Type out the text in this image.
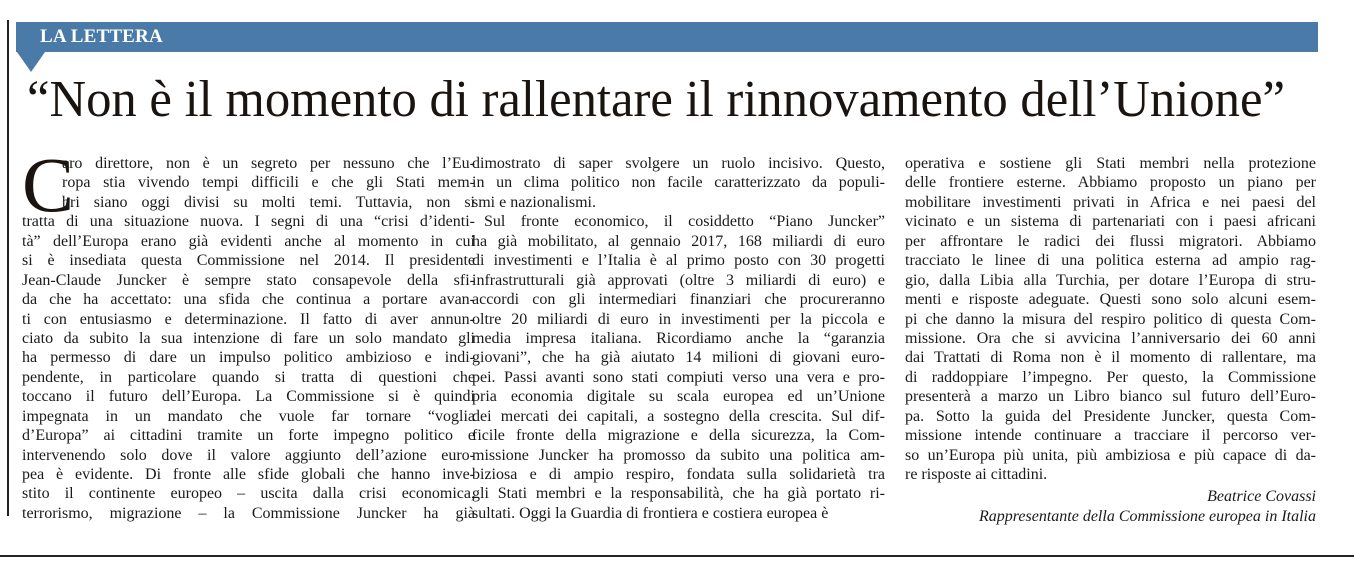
LA LETTERA
“Non è il momento di rallentare il rinnovamento dell’Unione”
C
aro direttore, non è un segreto per nessuno che l’Eu-
ropa stia vivendo tempi difficili e che gli Stati mem-
bri siano oggi divisi su molti temi. Tuttavia, non si
tratta di una situazione nuova. I segni di una “crisi d’identi-
tà” dell’Europa erano già evidenti anche al momento in cui
si è insediata questa Commissione nel 2014. Il presidente
Jean-Claude Juncker è sempre stato consapevole della sfi-
da che ha accettato: una sfida che continua a portare avan-
ti con entusiasmo e determinazione. Il fatto di aver annun-
ciato da subito la sua intenzione di fare un solo mandato gli
ha permesso di dare un impulso politico ambizioso e indi-
pendente, in particolare quando si tratta di questioni che
toccano il futuro dell’Europa. La Commissione si è quindi
impegnata in un mandato che vuole far tornare “voglia
d’Europa” ai cittadini tramite un forte impegno politico e
intervenendo solo dove il valore aggiunto dell’azione euro-
pea è evidente. Di fronte alle sfide globali che hanno inve-
stito il continente europeo – uscita dalla crisi economica,
terrorismo, migrazione – la Commissione Juncker ha già
dimostrato di saper svolgere un ruolo incisivo. Questo,
in un clima politico non facile caratterizzato da populi-
smi e nazionalismi.
Sul fronte economico, il cosiddetto “Piano Juncker”
ha già mobilitato, al gennaio 2017, 168 miliardi di euro
di investimenti e l’Italia è al primo posto con 30 progetti
infrastrutturali già approvati (oltre 3 miliardi di euro) e
accordi con gli intermediari finanziari che procureranno
oltre 20 miliardi di euro in investimenti per la piccola e
media impresa italiana. Ricordiamo anche la “garanzia
giovani”, che ha già aiutato 14 milioni di giovani euro-
pei. Passi avanti sono stati compiuti verso una vera e pro-
pria economia digitale su scala europea ed un’Unione
dei mercati dei capitali, a sostegno della crescita. Sul dif-
ficile fronte della migrazione e della sicurezza, la Com-
missione Juncker ha promosso da subito una politica am-
biziosa e di ampio respiro, fondata sulla solidarietà tra
gli Stati membri e la responsabilità, che ha già portato ri-
sultati. Oggi la Guardia di frontiera e costiera europea è
operativa e sostiene gli Stati membri nella protezione
delle frontiere esterne. Abbiamo proposto un piano per
mobilitare investimenti privati in Africa e nei paesi del
vicinato e un sistema di partenariati con i paesi africani
per affrontare le radici dei flussi migratori. Abbiamo
tracciato le linee di una politica esterna ad ampio rag-
gio, dalla Libia alla Turchia, per dotare l’Europa di stru-
menti e risposte adeguate. Questi sono solo alcuni esem-
pi che danno la misura del respiro politico di questa Com-
missione. Ora che si avvicina l’anniversario dei 60 anni
dai Trattati di Roma non è il momento di rallentare, ma
di raddoppiare l’impegno. Per questo, la Commissione
presenterà a marzo un Libro bianco sul futuro dell’Euro-
pa. Sotto la guida del Presidente Juncker, questa Com-
missione intende continuare a tracciare il percorso ver-
so un’Europa più unita, più ambiziosa e più capace di da-
re risposte ai cittadini.
Beatrice Covassi
Rappresentante della Commissione europea in Italia
